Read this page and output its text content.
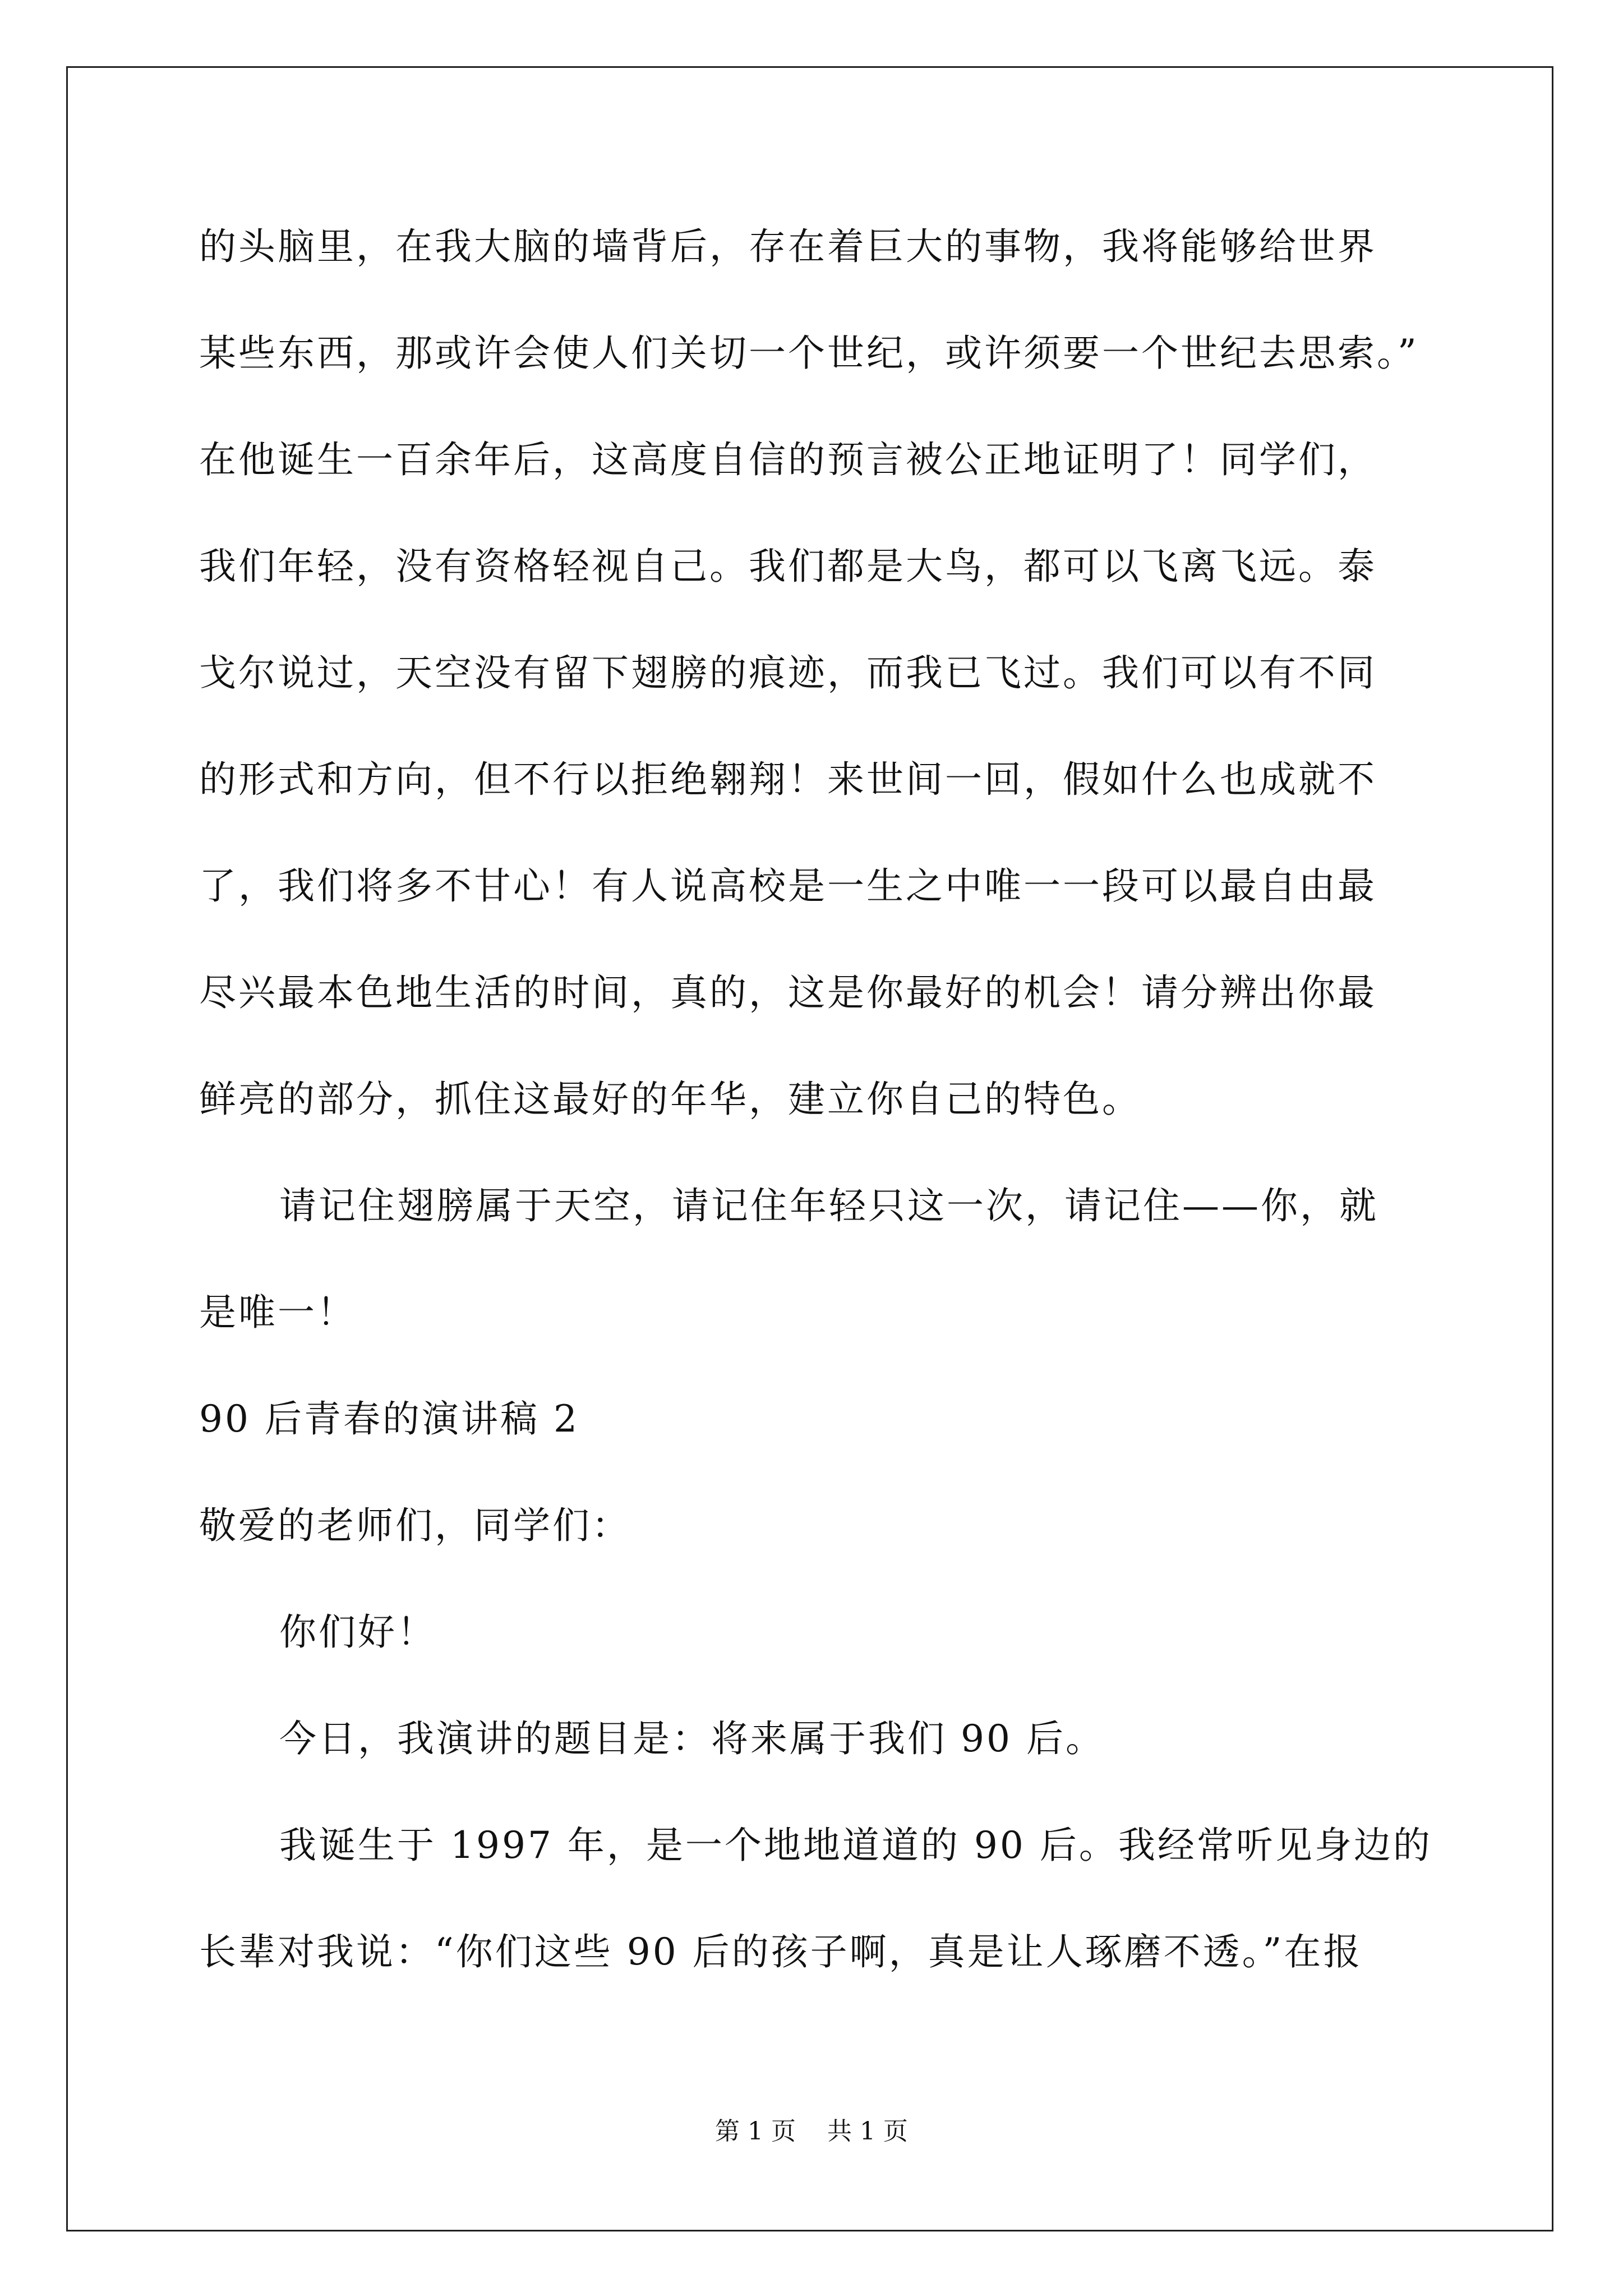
的头脑里，在我大脑的墙背后，存在着巨大的事物，我将能够给世界
某些东西，那或许会使人们关切一个世纪，或许须要一个世纪去思索。”
在他诞生一百余年后，这高度自信的预言被公正地证明了！同学们，
我们年轻，没有资格轻视自己。我们都是大鸟，都可以飞离飞远。泰
戈尔说过，天空没有留下翅膀的痕迹，而我已飞过。我们可以有不同
的形式和方向，但不行以拒绝翱翔！来世间一回，假如什么也成就不
了，我们将多不甘心！有人说高校是一生之中唯一一段可以最自由最
尽兴最本色地生活的时间，真的，这是你最好的机会！请分辨出你最
鲜亮的部分，抓住这最好的年华，建立你自己的特色。
请记住翅膀属于天空，请记住年轻只这一次，请记住——你，就
是唯一！
90 后青春的演讲稿 2
敬爱的老师们，同学们：
你们好！
今日，我演讲的题目是：将来属于我们 90 后。
我诞生于 1997 年，是一个地地道道的 90 后。我经常听见身边的
长辈对我说：“你们这些 90 后的孩子啊，真是让人琢磨不透。”在报
第 1 页    共 1 页
